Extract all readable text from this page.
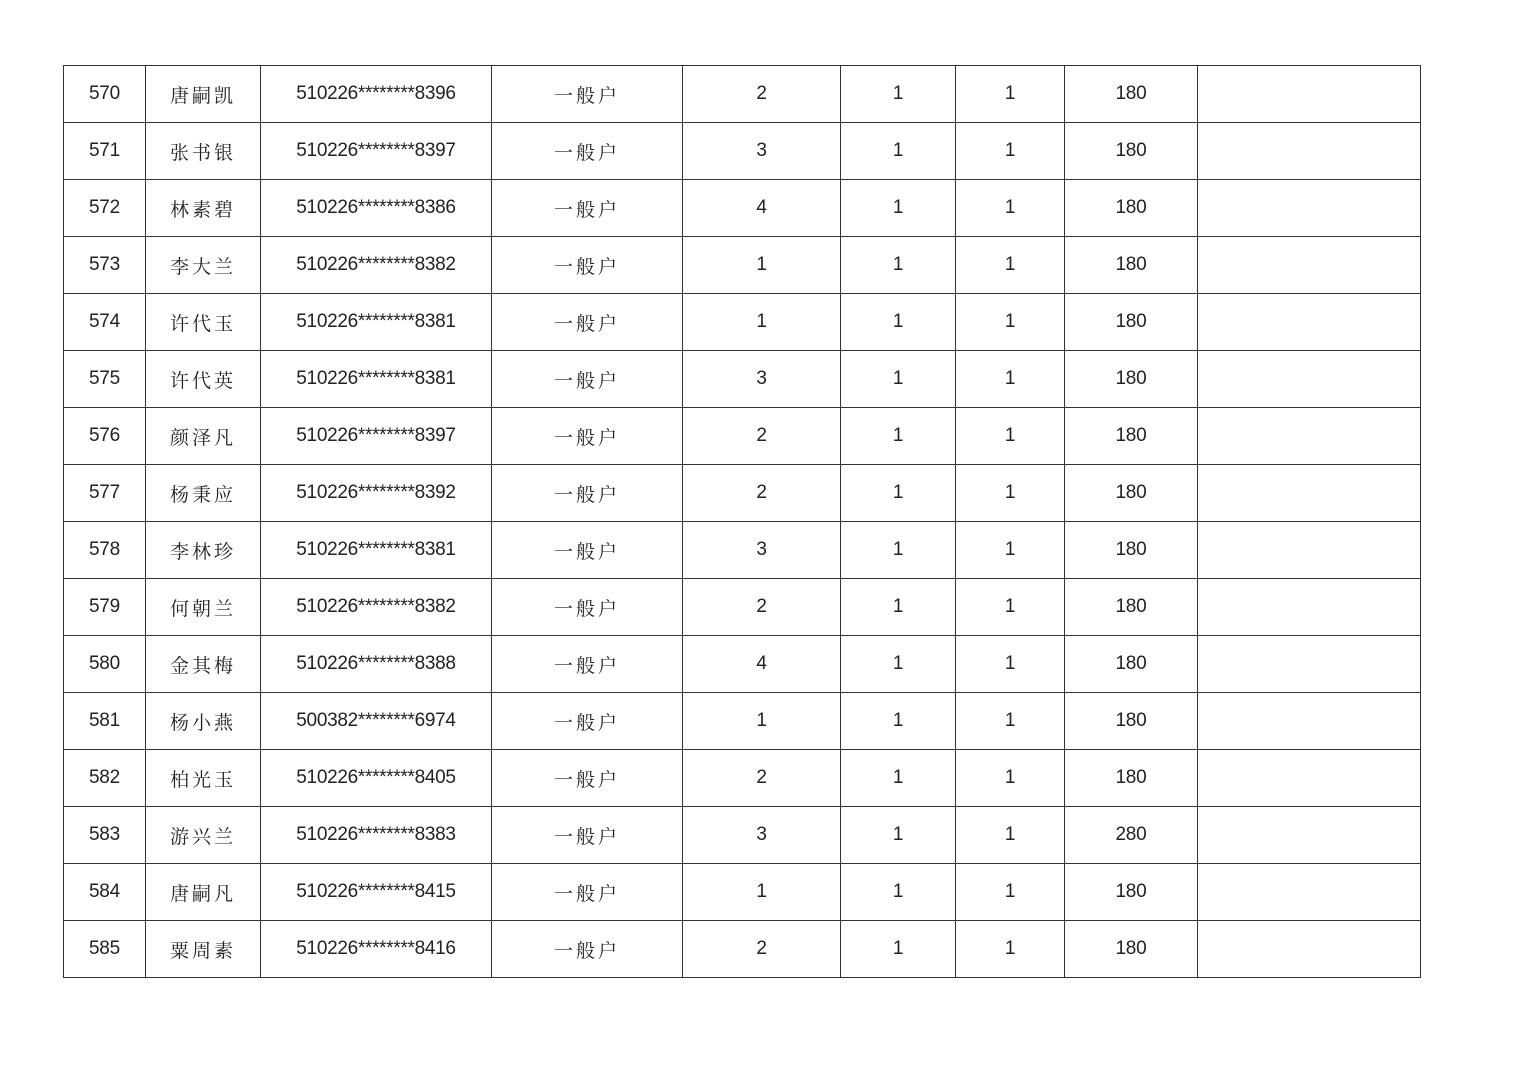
570	唐嗣凯	510226********8396	一般户	2	1	1	180	
571	张书银	510226********8397	一般户	3	1	1	180	
572	林素碧	510226********8386	一般户	4	1	1	180	
573	李大兰	510226********8382	一般户	1	1	1	180	
574	许代玉	510226********8381	一般户	1	1	1	180	
575	许代英	510226********8381	一般户	3	1	1	180	
576	颜泽凡	510226********8397	一般户	2	1	1	180	
577	杨秉应	510226********8392	一般户	2	1	1	180	
578	李林珍	510226********8381	一般户	3	1	1	180	
579	何朝兰	510226********8382	一般户	2	1	1	180	
580	金其梅	510226********8388	一般户	4	1	1	180	
581	杨小燕	500382********6974	一般户	1	1	1	180	
582	柏光玉	510226********8405	一般户	2	1	1	180	
583	游兴兰	510226********8383	一般户	3	1	1	280	
584	唐嗣凡	510226********8415	一般户	1	1	1	180	
585	粟周素	510226********8416	一般户	2	1	1	180	
